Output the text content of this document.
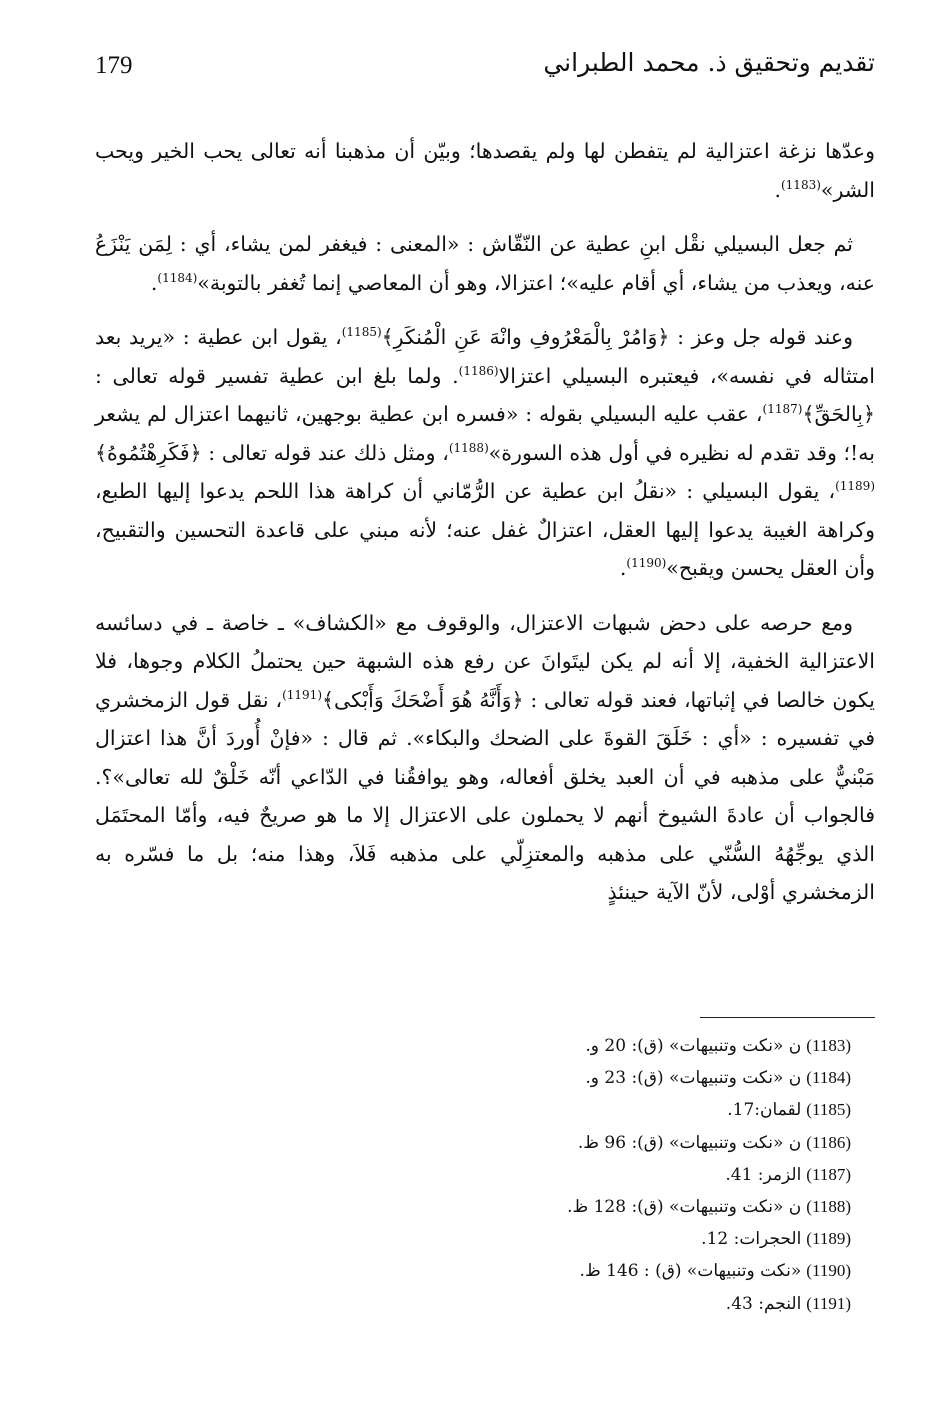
179	تقديم وتحقيق ذ. محمد الطبراني

وعدّها نزغة اعتزالية لم يتفطن لها ولم يقصدها؛ وبيّن أن مذهبنا أنه تعالى يحب الخير ويحب الشر»$^{(1183)}$.

ثم جعل البسيلي نقْل ابنِ عطية عن النّقّاش : «المعنى : فيغفر لمن يشاء، أي : لِمَن يَنْزَعُ عنه، ويعذب من يشاء، أي أقام عليه»؛ اعتزالا، وهو أن المعاصي إنما تُغفر بالتوبة»$^{(1184)}$.

وعند قوله جل وعز : ﴿وَامُرْ بِالْمَعْرُوفِ وانْهَ عَنِ الْمُنكَرِ﴾$^{(1185)}$، يقول ابن عطية : «يريد بعد امتثاله في نفسه»، فيعتبره البسيلي اعتزالا$^{(1186)}$. ولما بلغ ابن عطية تفسير قوله تعالى : ﴿بِالحَقِّ﴾$^{(1187)}$، عقب عليه البسيلي بقوله : «فسره ابن عطية بوجهين، ثانيهما اعتزال لم يشعر به!؛ وقد تقدم له نظيره في أول هذه السورة»$^{(1188)}$، ومثل ذلك عند قوله تعالى : ﴿فَكَرِهْتُمُوهُ﴾$^{(1189)}$، يقول البسيلي : «نقلُ ابن عطية عن الرُّمّاني أن كراهة هذا اللحم يدعوا إليها الطبع، وكراهة الغيبة يدعوا إليها العقل، اعتزالٌ غفل عنه؛ لأنه مبني على قاعدة التحسين والتقبيح، وأن العقل يحسن ويقبح»$^{(1190)}$.

ومع حرصه على دحض شبهات الاعتزال، والوقوف مع «الكشاف» ـ خاصة ـ في دسائسه الاعتزالية الخفية، إلا أنه لم يكن ليتَوانَ عن رفع هذه الشبهة حين يحتملُ الكلام وجوها، فلا يكون خالصا في إثباتها، فعند قوله تعالى : ﴿وَأَنَّهُ هُوَ أَضْحَكَ وَأَبْكى﴾$^{(1191)}$، نقل قول الزمخشري في تفسيره : «أي : خَلَقَ القوةَ على الضحك والبكاء». ثم قال : «فإنْ أُوردَ أنَّ هذا اعتزال مَبْنيٌّ على مذهبه في أن العبد يخلق أفعاله، وهو يوافقُنا في الدّاعي أنّه خَلْقٌ لله تعالى»؟. فالجواب أن عادةَ الشيوخ أنهم لا يحملون على الاعتزال إلا ما هو صريحٌ فيه، وأمّا المحتَمَل الذي يوجِّهُهُ السُّنّي على مذهبه والمعتزِلّي على مذهبه فَلاَ، وهذا منه؛ بل ما فسّره به الزمخشري أوْلى، لأنّ الآية حينئذٍ

(1183)ن «نكت وتنبيهات» (ق): 20 و.
(1184)ن «نكت وتنبيهات» (ق): 23 و.
(1185)لقمان:17.
(1186)ن «نكت وتنبيهات» (ق): 96 ظ.
(1187)الزمر: 41.
(1188)ن «نكت وتنبيهات» (ق): 128 ظ.
(1189)الحجرات: 12.
(1190)«نكت وتنبيهات» (ق) : 146 ظ.
(1191)النجم: 43.
